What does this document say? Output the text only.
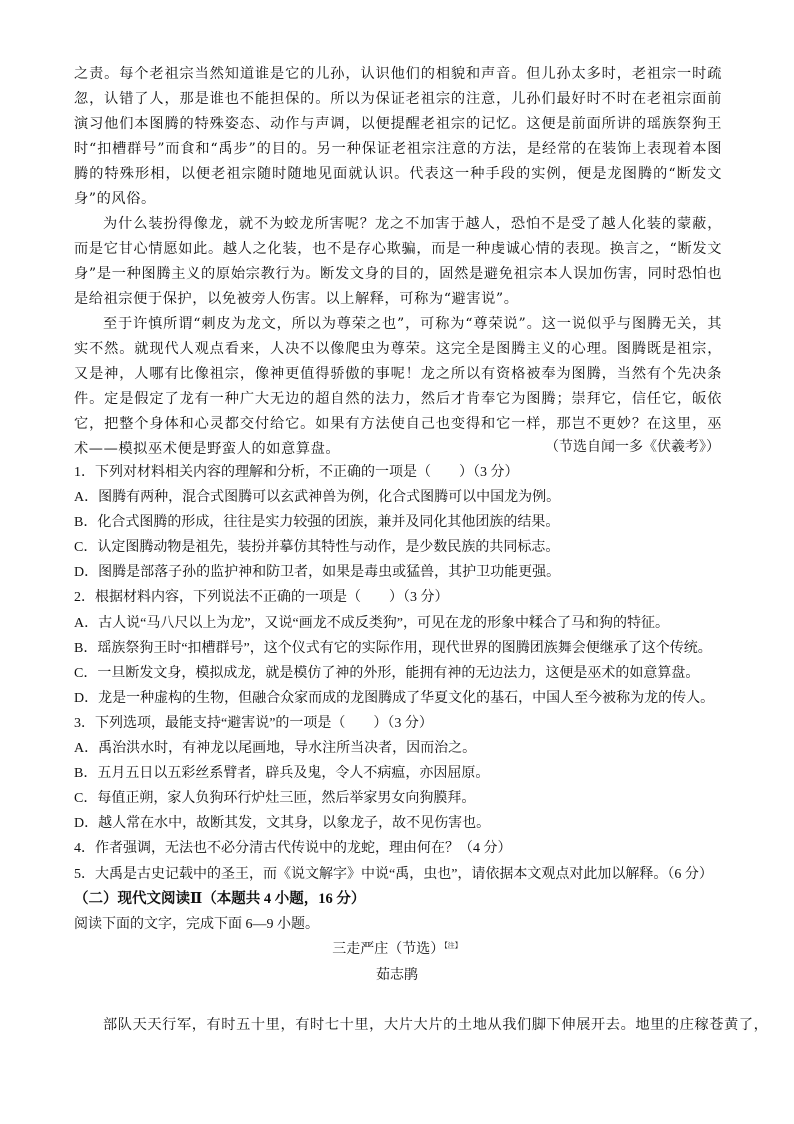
之责。每个老祖宗当然知道谁是它的儿孙，认识他们的相貌和声音。但儿孙太多时，老祖宗一时疏忽，认错了人，那是谁也不能担保的。所以为保证老祖宗的注意，儿孙们最好时不时在老祖宗面前演习他们本图腾的特殊姿态、动作与声调，以便提醒老祖宗的记忆。这便是前面所讲的瑶族祭狗王时“扣槽群号”而食和“禹步”的目的。另一种保证老祖宗注意的方法，是经常的在装饰上表现着本图腾的特殊形相，以便老祖宗随时随地见面就认识。代表这一种手段的实例，便是龙图腾的“断发文身”的风俗。

为什么装扮得像龙，就不为蛟龙所害呢？龙之不加害于越人，恐怕不是受了越人化装的蒙蔽，而是它甘心情愿如此。越人之化装，也不是存心欺骗，而是一种虔诚心情的表现。换言之，“断发文身”是一种图腾主义的原始宗教行为。断发文身的目的，固然是避免祖宗本人误加伤害，同时恐怕也是给祖宗便于保护，以免被旁人伤害。以上解释，可称为“避害说”。

至于许慎所谓“刺皮为龙文，所以为尊荣之也”，可称为“尊荣说”。这一说似乎与图腾无关，其实不然。就现代人观点看来，人决不以像爬虫为尊荣。这完全是图腾主义的心理。图腾既是祖宗，又是神，人哪有比像祖宗，像神更值得骄傲的事呢！龙之所以有资格被奉为图腾，当然有个先决条件。定是假定了龙有一种广大无边的超自然的法力，然后才肯奉它为图腾；崇拜它，信任它，皈依它，把整个身体和心灵都交付给它。如果有方法使自己也变得和它一样，那岂不更妙？在这里，巫术——模拟巫术便是野蛮人的如意算盘。	（节选自闻一多《伏羲考》）
1．下列对材料相关内容的理解和分析，不正确的一项是（　　）（3 分）
A．图腾有两种，混合式图腾可以玄武神兽为例，化合式图腾可以中国龙为例。
B．化合式图腾的形成，往往是实力较强的团族，兼并及同化其他团族的结果。
C．认定图腾动物是祖先，装扮并摹仿其特性与动作，是少数民族的共同标志。
D．图腾是部落子孙的监护神和防卫者，如果是毒虫或猛兽，其护卫功能更强。
2．根据材料内容，下列说法不正确的一项是（　　）（3 分）
A．古人说“马八尺以上为龙”，又说“画龙不成反类狗”，可见在龙的形象中糅合了马和狗的特征。
B．瑶族祭狗王时“扣槽群号”，这个仪式有它的实际作用，现代世界的图腾团族舞会便继承了这个传统。
C．一旦断发文身，模拟成龙，就是模仿了神的外形，能拥有神的无边法力，这便是巫术的如意算盘。
D．龙是一种虚构的生物，但融合众家而成的龙图腾成了华夏文化的基石，中国人至今被称为龙的传人。
3．下列选项，最能支持“避害说”的一项是（　　）（3 分）
A．禹治洪水时，有神龙以尾画地，导水注所当决者，因而治之。
B．五月五日以五彩丝系臂者，辟兵及鬼，令人不病瘟，亦因屈原。
C．每值正朔，家人负狗环行炉灶三匝，然后举家男女向狗膜拜。
D．越人常在水中，故断其发，文其身，以象龙子，故不见伤害也。
4．作者强调，无法也不必分清古代传说中的龙蛇，理由何在？（4 分）
5．大禹是古史记载中的圣王，而《说文解字》中说“禹，虫也”，请依据本文观点对此加以解释。（6 分）
（二）现代文阅读Ⅱ（本题共 4 小题，16 分）
阅读下面的文字，完成下面 6—9 小题。
三走严庄（节选）$^{【注】}$
茹志鹃
部队天天行军，有时五十里，有时七十里，大片大片的土地从我们脚下伸展开去。地里的庄稼苍黄了，
